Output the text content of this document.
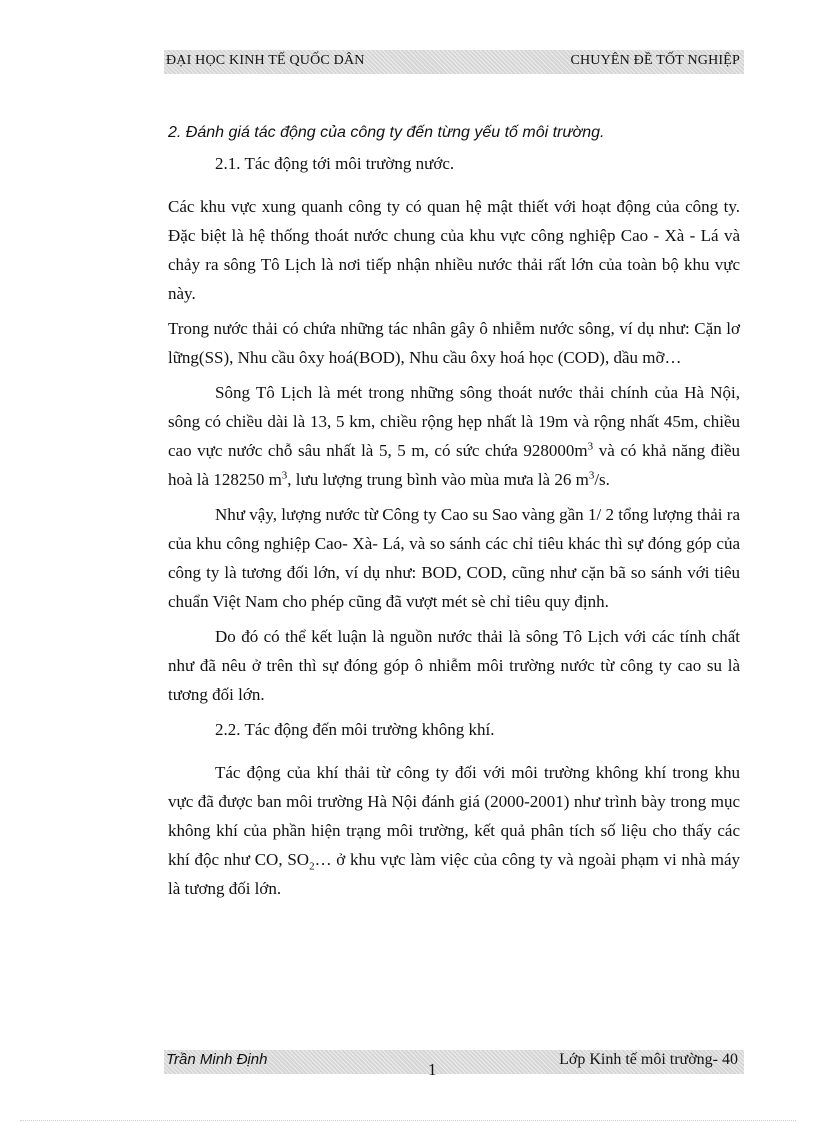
ĐẠI HỌC KINH TẾ QUỐC DÂN	CHUYÊN ĐỀ TỐT NGHIỆP

2. Đánh giá tác động của công ty đến từng yếu tố môi trường.

2.1. Tác động tới môi trường nước.

Các khu vực xung quanh công ty có quan hệ mật thiết với hoạt động của công ty. Đặc biệt là hệ thống thoát nước chung của khu vực công nghiệp Cao - Xà - Lá và chảy ra sông Tô Lịch là nơi tiếp nhận nhiều nước thải rất lớn của toàn bộ khu vực này.

Trong nước thải có chứa những tác nhân gây ô nhiễm nước sông, ví dụ như: Cặn lơ lững(SS), Nhu cầu ôxy hoá(BOD), Nhu cầu ôxy hoá học (COD), dầu mỡ…

Sông Tô Lịch là mét trong những sông thoát nước thải chính của Hà Nội, sông có chiều dài là 13, 5 km, chiều rộng hẹp nhất là 19m và rộng nhất 45m, chiều cao vực nước chỗ sâu nhất là 5, 5 m, có sức chứa $928000m^3$ và có khả năng điều hoà là 128250 $m^3$, lưu lượng trung bình vào mùa mưa là 26 $m^3/s$.

Như vậy, lượng nước từ Công ty Cao su Sao vàng gần 1/ 2 tổng lượng thải ra của khu công nghiệp Cao- Xà- Lá, và so sánh các chỉ tiêu khác thì sự đóng góp của công ty là tương đối lớn, ví dụ như: BOD, COD, cũng như cặn bã so sánh với tiêu chuẩn Việt Nam cho phép cũng đã vượt mét sè chỉ tiêu quy định.

Do đó có thể kết luận là nguồn nước thải là sông Tô Lịch với các tính chất như đã nêu ở trên thì sự đóng góp ô nhiễm môi trường nước từ công ty cao su là tương đối lớn.

2.2. Tác động đến môi trường không khí.

Tác động của khí thải từ công ty đối với môi trường không khí trong khu vực đã được ban môi trường Hà Nội đánh giá (2000-2001) như trình bày trong mục không khí của phần hiện trạng môi trường, kết quả phân tích số liệu cho thấy các khí độc như CO, $SO_2\dots$ ở khu vực làm việc của công ty và ngoài phạm vi nhà máy là tương đối lớn.

Trần Minh Định	Lớp Kinh tế môi trường- 40
1
